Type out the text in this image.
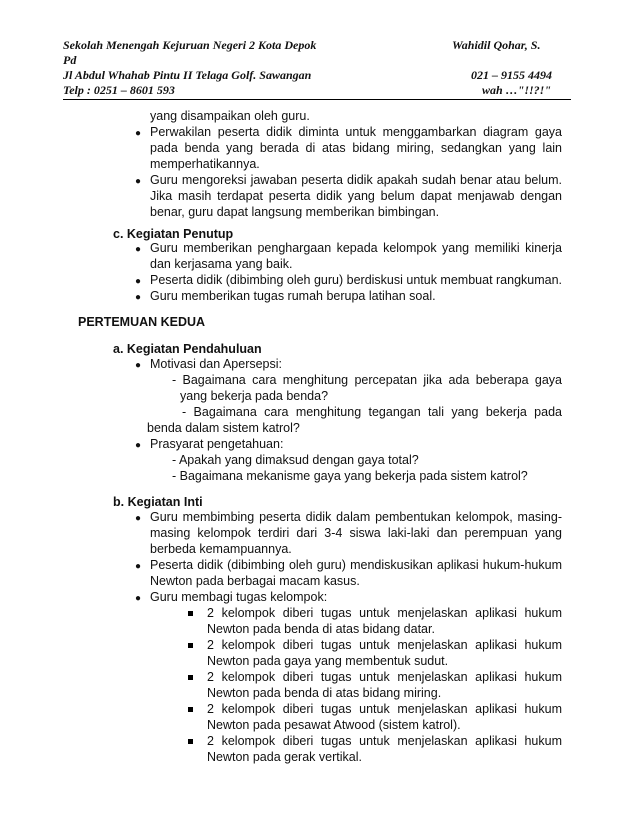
Sekolah Menengah Kejuruan Negeri 2 Kota Depok	Wahidil Qohar, S.
Pd
Jl Abdul Whahab Pintu II Telaga Golf. Sawangan	021 – 9155 4494
Telp : 0251 – 8601 593	wah …"!!?!"
yang disampaikan oleh guru.
● Perwakilan peserta didik diminta untuk menggambarkan diagram gaya pada benda yang berada di atas bidang miring, sedangkan yang lain memperhatikannya.
● Guru mengoreksi jawaban peserta didik apakah sudah benar atau belum. Jika masih terdapat peserta didik yang belum dapat menjawab dengan benar, guru dapat langsung memberikan bimbingan.
c. Kegiatan Penutup
● Guru memberikan penghargaan kepada kelompok yang memiliki kinerja dan kerjasama yang baik.
● Peserta didik (dibimbing oleh guru) berdiskusi untuk membuat rangkuman.
● Guru memberikan tugas rumah berupa latihan soal.
PERTEMUAN KEDUA
a. Kegiatan Pendahuluan
● Motivasi dan Apersepsi:
- Bagaimana cara menghitung percepatan jika ada beberapa gaya yang bekerja pada benda?
- Bagaimana cara menghitung tegangan tali yang bekerja pada benda dalam sistem katrol?
● Prasyarat pengetahuan:
- Apakah yang dimaksud dengan gaya total?
- Bagaimana mekanisme gaya yang bekerja pada sistem katrol?
b. Kegiatan Inti
● Guru membimbing peserta didik dalam pembentukan kelompok, masing-masing kelompok terdiri dari 3-4 siswa laki-laki dan perempuan yang berbeda kemampuannya.
● Peserta didik (dibimbing oleh guru) mendiskusikan aplikasi hukum-hukum Newton pada berbagai macam kasus.
● Guru membagi tugas kelompok:
2 kelompok diberi tugas untuk menjelaskan aplikasi hukum Newton pada benda di atas bidang datar.
2 kelompok diberi tugas untuk menjelaskan aplikasi hukum Newton pada gaya yang membentuk sudut.
2 kelompok diberi tugas untuk menjelaskan aplikasi hukum Newton pada benda di atas bidang miring.
2 kelompok diberi tugas untuk menjelaskan aplikasi hukum Newton pada pesawat Atwood (sistem katrol).
2 kelompok diberi tugas untuk menjelaskan aplikasi hukum Newton pada gerak vertikal.
